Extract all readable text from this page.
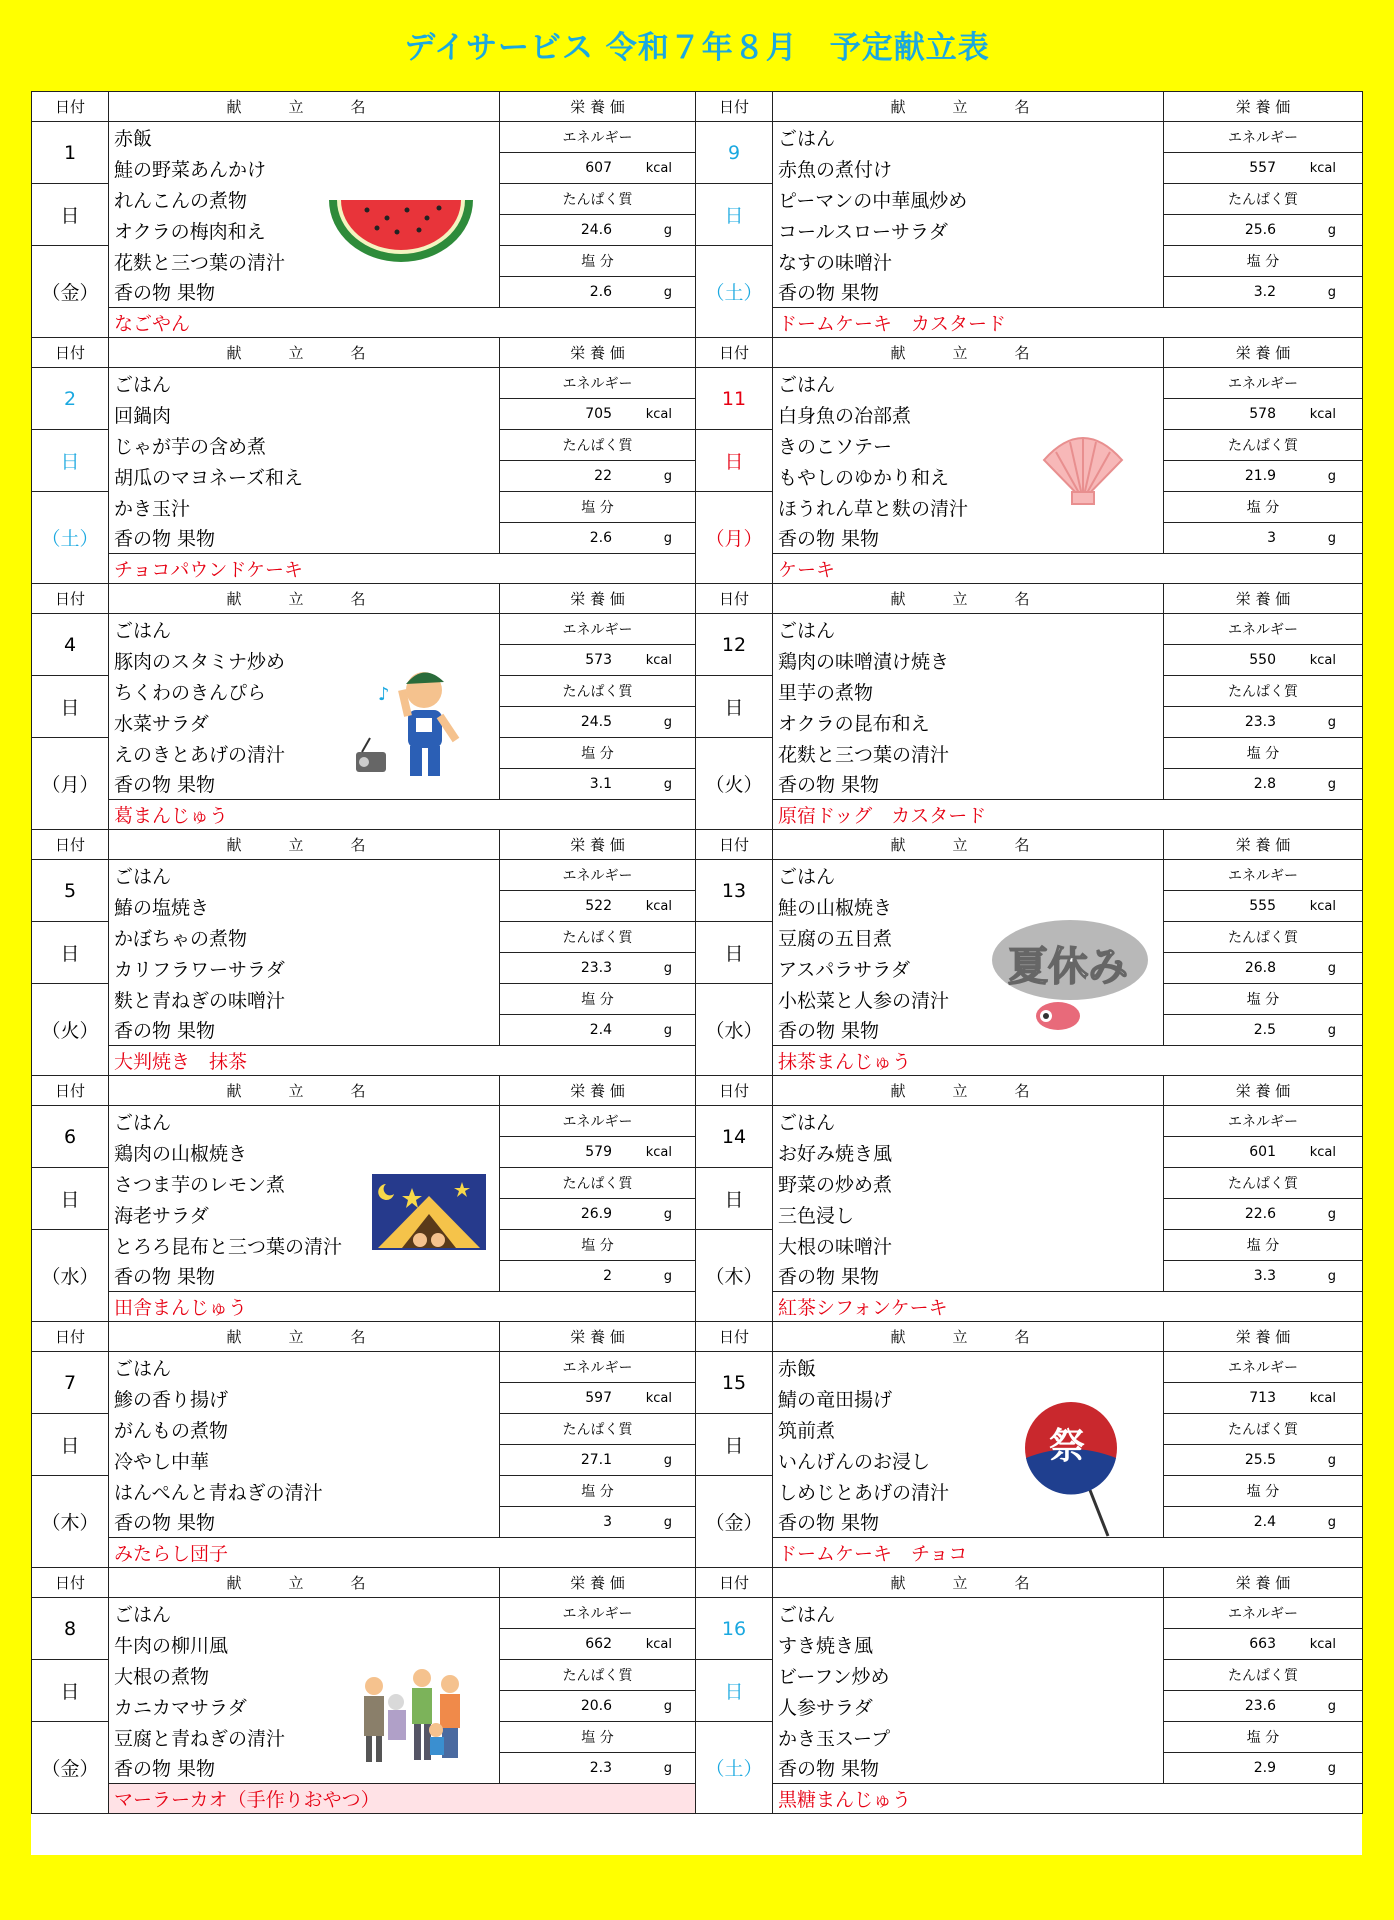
デイサービス 令和７年８月　予定献立表
日付	献　立　名	栄 養 価	日付	献　立　名	栄 養 価
1	赤飯	エネルギー	9	ごはん	エネルギー
	鮭の野菜あんかけ	607 kcal		赤魚の煮付け	557 kcal
日	れんこんの煮物	たんぱく質	日	ピーマンの中華風炒め	たんぱく質
	オクラの梅肉和え	24.6 g		コールスローサラダ	25.6 g
（金）	花麩と三つ葉の清汁	塩 分	（土）	なすの味噌汁	塩 分
	香の物 果物	2.6 g		香の物 果物	3.2 g
	なごやん			ドームケーキ　カスタード	
日付	献　立　名	栄 養 価	日付	献　立　名	栄 養 価
2	ごはん	エネルギー	11	ごはん	エネルギー
	回鍋肉	705 kcal		白身魚の冶部煮	578 kcal
日	じゃが芋の含め煮	たんぱく質	日	きのこソテー	たんぱく質
	胡瓜のマヨネーズ和え	22 g		もやしのゆかり和え	21.9 g
（土）	かき玉汁	塩 分	（月）	ほうれん草と麩の清汁	塩 分
	香の物 果物	2.6 g		香の物 果物	3 g
	チョコパウンドケーキ			ケーキ	
日付	献　立　名	栄 養 価	日付	献　立　名	栄 養 価
4	ごはん	エネルギー	12	ごはん	エネルギー
	豚肉のスタミナ炒め	573 kcal		鶏肉の味噌漬け焼き	550 kcal
日	ちくわのきんぴら	たんぱく質	日	里芋の煮物	たんぱく質
	水菜サラダ	24.5 g		オクラの昆布和え	23.3 g
（月）	えのきとあげの清汁	塩 分	（火）	花麩と三つ葉の清汁	塩 分
	香の物 果物	3.1 g		香の物 果物	2.8 g
	葛まんじゅう			原宿ドッグ　カスタード	
日付	献　立　名	栄 養 価	日付	献　立　名	栄 養 価
5	ごはん	エネルギー	13	ごはん	エネルギー
	鰆の塩焼き	522 kcal		鮭の山椒焼き	555 kcal
日	かぼちゃの煮物	たんぱく質	日	豆腐の五目煮	たんぱく質
	カリフラワーサラダ	23.3 g		アスパラサラダ	26.8 g
（火）	麩と青ねぎの味噌汁	塩 分	（水）	小松菜と人参の清汁	塩 分
	香の物 果物	2.4 g		香の物 果物	2.5 g
	大判焼き　抹茶			抹茶まんじゅう	
日付	献　立　名	栄 養 価	日付	献　立　名	栄 養 価
6	ごはん	エネルギー	14	ごはん	エネルギー
	鶏肉の山椒焼き	579 kcal		お好み焼き風	601 kcal
日	さつま芋のレモン煮	たんぱく質	日	野菜の炒め煮	たんぱく質
	海老サラダ	26.9 g		三色浸し	22.6 g
（水）	とろろ昆布と三つ葉の清汁	塩 分	（木）	大根の味噌汁	塩 分
	香の物 果物	2 g		香の物 果物	3.3 g
	田舎まんじゅう			紅茶シフォンケーキ	
日付	献　立　名	栄 養 価	日付	献　立　名	栄 養 価
7	ごはん	エネルギー	15	赤飯	エネルギー
	鯵の香り揚げ	597 kcal		鯖の竜田揚げ	713 kcal
日	がんもの煮物	たんぱく質	日	筑前煮	たんぱく質
	冷やし中華	27.1 g		いんげんのお浸し	25.5 g
（木）	はんぺんと青ねぎの清汁	塩 分	（金）	しめじとあげの清汁	塩 分
	香の物 果物	3 g		香の物 果物	2.4 g
	みたらし団子			ドームケーキ　チョコ	
日付	献　立　名	栄 養 価	日付	献　立　名	栄 養 価
8	ごはん	エネルギー	16	ごはん	エネルギー
	牛肉の柳川風	662 kcal		すき焼き風	663 kcal
日	大根の煮物	たんぱく質	日	ビーフン炒め	たんぱく質
	カニカマサラダ	20.6 g		人参サラダ	23.6 g
（金）	豆腐と青ねぎの清汁	塩 分	（土）	かき玉スープ	塩 分
	香の物 果物	2.3 g		香の物 果物	2.9 g
	マーラーカオ（手作りおやつ）			黒糖まんじゅう	
♪
夏休み
祭
